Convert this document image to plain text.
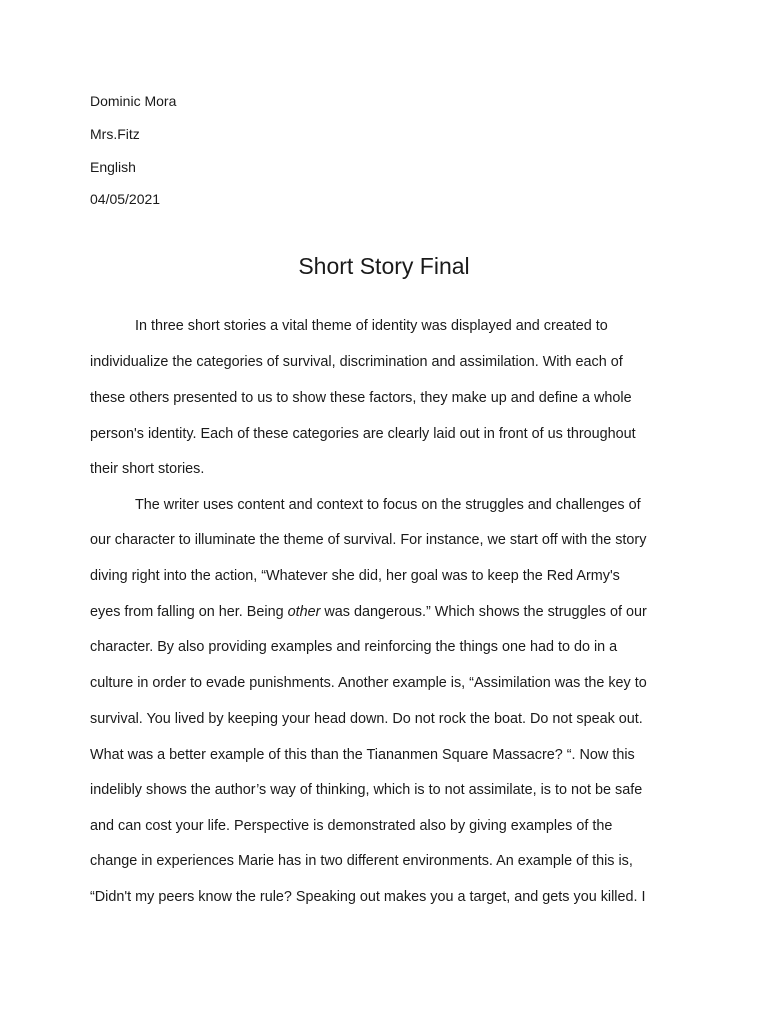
Dominic Mora
Mrs.Fitz
English
04/05/2021
Short Story Final
In three short stories a vital theme of identity was displayed and created to
individualize the categories of survival, discrimination and assimilation. With each of
these others presented to us to show these factors, they make up and define a whole
person's identity. Each of these categories are clearly laid out in front of us throughout
their short stories.
The writer uses content and context to focus on the struggles and challenges of
our character to illuminate the theme of survival. For instance, we start off with the story
diving right into the action, “Whatever she did, her goal was to keep the Red Army's
eyes from falling on her. Being other was dangerous.” Which shows the struggles of our
character. By also providing examples and reinforcing the things one had to do in a
culture in order to evade punishments. Another example is, “Assimilation was the key to
survival. You lived by keeping your head down. Do not rock the boat. Do not speak out.
What was a better example of this than the Tiananmen Square Massacre? “. Now this
indelibly shows the author’s way of thinking, which is to not assimilate, is to not be safe
and can cost your life. Perspective is demonstrated also by giving examples of the
change in experiences Marie has in two different environments. An example of this is,
“Didn't my peers know the rule? Speaking out makes you a target, and gets you killed. I
